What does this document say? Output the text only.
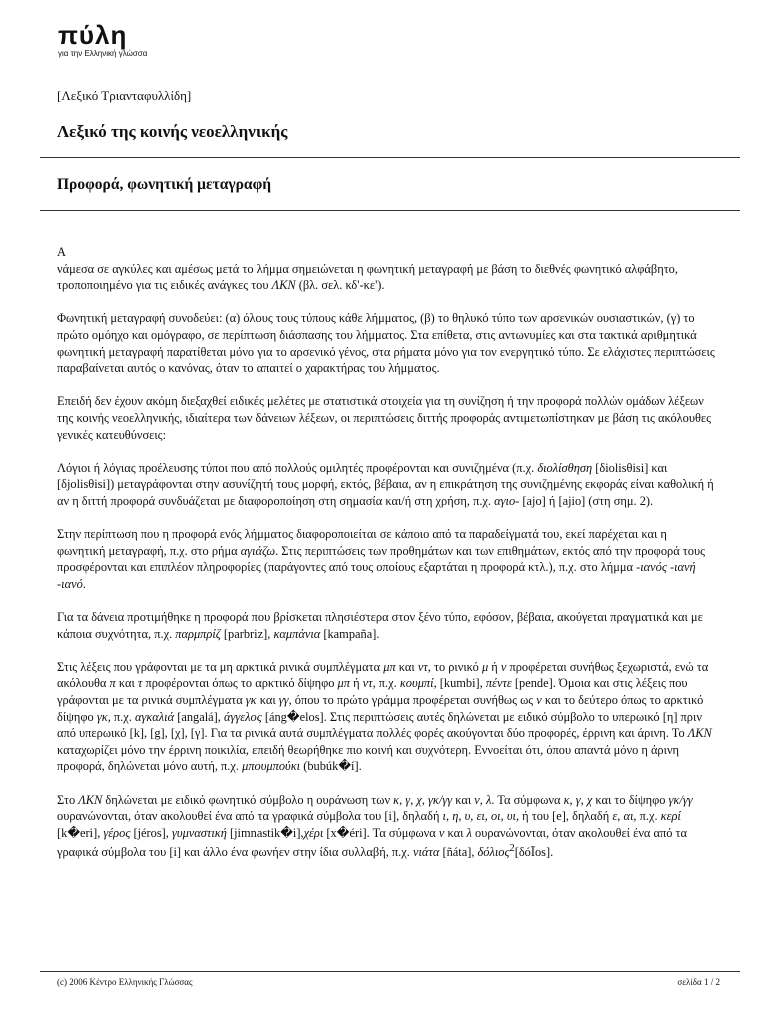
πύλη
για την Ελληνική γλώσσα
[Λεξικό Τριανταφυλλίδη]
Λεξικό της κοινής νεοελληνικής
Προφορά, φωνητική μεταγραφή

Α

νάμεσα σε αγκύλες και αμέσως μετά το λήμμα σημειώνεται η φωνητική μεταγραφή με βάση το διεθνές φωνητικό αλφάβητο, τροποποιημένο για τις ειδικές ανάγκες του ΛΚΝ (βλ. σελ. κδ'-κε').

Φωνητική μεταγραφή συνοδεύει: (α) όλους τους τύπους κάθε λήμματος, (β) το θηλυκό τύπο των αρσενικών ουσιαστικών, (γ) το πρώτο ομόηχο και ομόγραφο, σε περίπτωση διάσπασης του λήμματος. Στα επίθετα, στις αντωνυμίες και στα τακτικά αριθμητικά φωνητική μεταγραφή παρατίθεται μόνο για το αρσενικό γένος, στα ρήματα μόνο για τον ενεργητικό τύπο. Σε ελάχιστες περιπτώσεις παραβαίνεται αυτός ο κανόνας, όταν το απαιτεί ο χαρακτήρας του λήμματος.

Επειδή δεν έχουν ακόμη διεξαχθεί ειδικές μελέτες με στατιστικά στοιχεία για τη συνίζηση ή την προφορά πολλών ομάδων λέξεων της κοινής νεοελληνικής, ιδιαίτερα των δάνειων λέξεων, οι περιπτώσεις διττής προφοράς αντιμετωπίστηκαν με βάση τις ακόλουθες γενικές κατευθύνσεις:

Λόγιοι ή λόγιας προέλευσης τύποι που από πολλούς ομιλητές προφέρονται και συνιζημένα (π.χ. διολίσθηση [δiolisθisi] και [δjolisθisi]) μεταγράφονται στην ασυνίζητή τους μορφή, εκτός, βέβαια, αν η επικράτηση της συνιζημένης εκφοράς είναι καθολική ή αν η διττή προφορά συνδυάζεται με διαφοροποίηση στη σημασία και/ή στη χρήση, π.χ. αγιο- [ajo] ή [ajio] (στη σημ. 2).

Στην περίπτωση που η προφορά ενός λήμματος διαφοροποιείται σε κάποιο από τα παραδείγματά του, εκεί παρέχεται και η φωνητική μεταγραφή, π.χ. στο ρήμα αγιάζω. Στις περιπτώσεις των προθημάτων και των επιθημάτων, εκτός από την προφορά τους προσφέρονται και επιπλέον πληροφορίες (παράγοντες από τους οποίους εξαρτάται η προφορά κτλ.), π.χ. στο λήμμα -ιανός -ιανή -ιανό.

Για τα δάνεια προτιμήθηκε η προφορά που βρίσκεται πλησιέστερα στον ξένο τύπο, εφόσον, βέβαια, ακούγεται πραγματικά και με κάποια συχνότητα, π.χ. παρμπρίζ [parbriz], καμπάνια [kampaña].

Στις λέξεις που γράφονται με τα μη αρκτικά ρινικά συμπλέγματα μπ και ντ, το ρινικό μ ή ν προφέρεται συνήθως ξεχωριστά, ενώ τα ακόλουθα π και τ προφέρονται όπως το αρκτικό δίψηφο μπ ή ντ, π.χ. κουμπί, [kumbi], πέντε [pende]. Όμοια και στις λέξεις που γράφονται με τα ρινικά συμπλέγματα γκ και γγ, όπου το πρώτο γράμμα προφέρεται συνήθως ως ν και το δεύτερο όπως το αρκτικό δίψηφο γκ, π.χ. αγκαλιά [angalá], άγγελος [áng�elos]. Στις περιπτώσεις αυτές δηλώνεται με ειδικό σύμβολο το υπερωικό [η] πριν από υπερωικό [k], [g], [χ], [γ]. Για τα ρινικά αυτά συμπλέγματα πολλές φορές ακούγονται δύο προφορές, έρρινη και άρινη. Το ΛΚΝ καταχωρίζει μόνο την έρρινη ποικιλία, επειδή θεωρήθηκε πιο κοινή και συχνότερη. Εννοείται ότι, όπου απαντά μόνο η άρινη προφορά, δηλώνεται μόνο αυτή, π.χ. μπουμπούκι (bubúk�í].

Στο ΛΚΝ δηλώνεται με ειδικό φωνητικό σύμβολο η ουράνωση των κ, γ, χ, γκ/γγ και ν, λ. Τα σύμφωνα κ, γ, χ και το δίψηφο γκ/γγ ουρανώνονται, όταν ακολουθεί ένα από τα γραφικά σύμβολα του [i], δηλαδή ι, η, υ, ει, οι, υι, ή του [e], δηλαδή ε, αι, π.χ. κερί [k�eri], γέρος [jéros], γυμναστική [jimnastik�i],χέρι [x�éri]. Τα σύμφωνα ν και λ ουρανώνονται, όταν ακολουθεί ένα από τα γραφικά σύμβολα του [i] και άλλο ένα φωνήεν στην ίδια συλλαβή, π.χ. νιάτα [ñáta], δόλιος$^2$[δóĪos].

(c) 2006 Κέντρο Ελληνικής Γλώσσας	σελίδα 1 / 2
